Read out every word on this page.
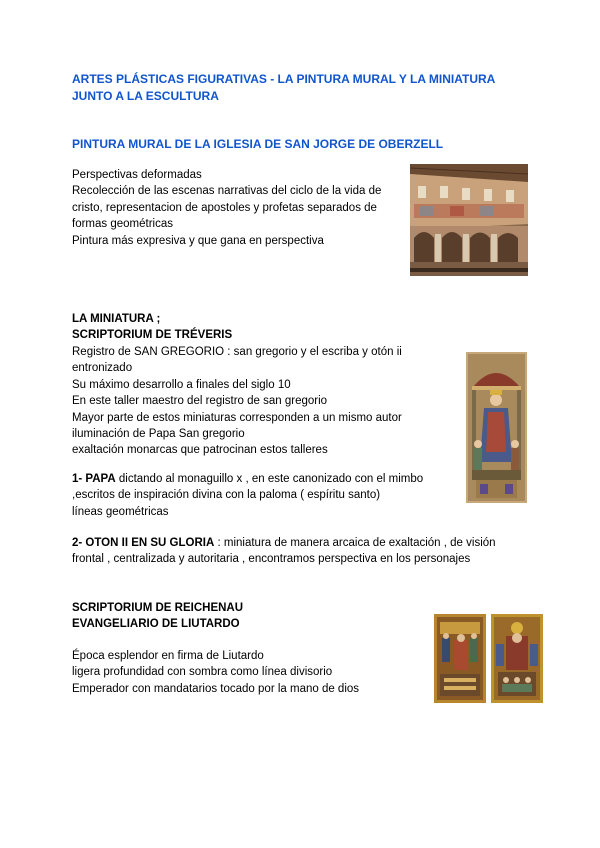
ARTES PLÁSTICAS FIGURATIVAS - LA PINTURA MURAL Y LA MINIATURA
JUNTO A LA ESCULTURA
PINTURA MURAL DE LA IGLESIA DE SAN JORGE DE OBERZELL
Perspectivas deformadas
Recolección de las escenas narrativas del ciclo de la vida de
cristo, representacion de apostoles y profetas separados de
formas geométricas
Pintura más expresiva y que gana en perspectiva
LA MINIATURA ;
SCRIPTORIUM DE TRÉVERIS
Registro de SAN GREGORIO : san gregorio y el escriba y otón ii
entronizado
Su máximo desarrollo a finales del siglo 10
En este taller maestro del registro de san gregorio
Mayor parte de estos miniaturas corresponden a un mismo autor
iluminación de Papa San gregorio
exaltación monarcas que patrocinan estos talleres
1- PAPA dictando al monaguillo x , en este canonizado con el mimbo
,escritos de inspiración divina con la paloma ( espíritu santo)
líneas geométricas
2- OTON II EN SU GLORIA : miniatura de manera arcaica de exaltación , de visión
frontal , centralizada y autoritaria , encontramos perspectiva en los personajes
SCRIPTORIUM DE REICHENAU
EVANGELIARIO DE LIUTARDO
Época esplendor en firma de Liutardo
ligera profundidad con sombra como línea divisorio
Emperador con mandatarios tocado por la mano de dios
